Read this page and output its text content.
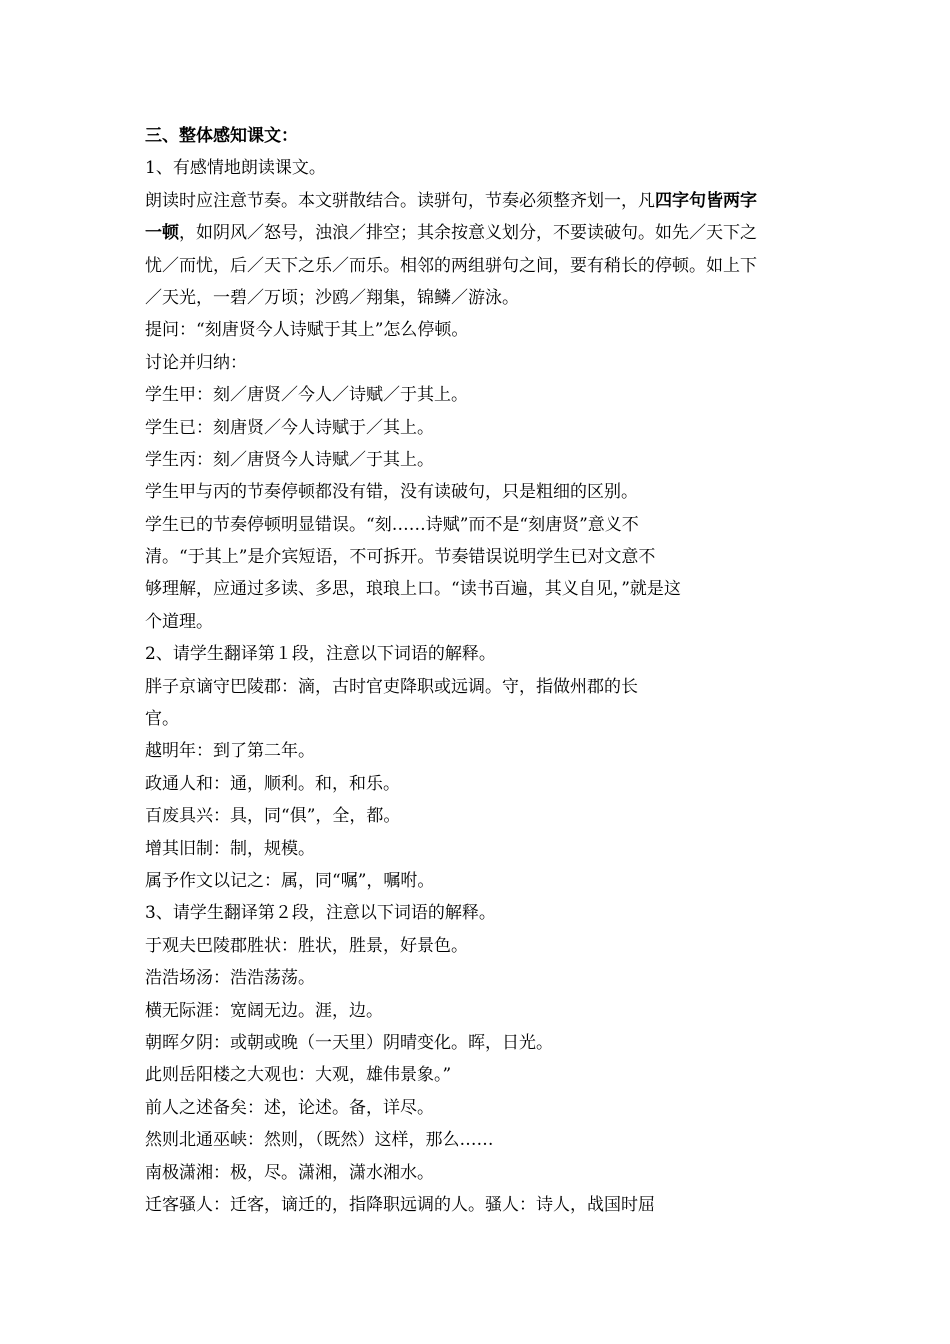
三、整体感知课文：
1、有感情地朗读课文。
朗读时应注意节奏。本文骈散结合。读骈句，节奏必须整齐划一，凡四字句皆两字
一顿，如阴风／怒号，浊浪／排空；其余按意义划分，不要读破句。如先／天下之
忧／而忧，后／天下之乐／而乐。相邻的两组骈句之间，要有稍长的停顿。如上下
／天光，一碧／万顷；沙鸥／翔集，锦鳞／游泳。
提问：“刻唐贤今人诗赋于其上”怎么停顿。
讨论并归纳：
学生甲：刻／唐贤／今人／诗赋／于其上。
学生已：刻唐贤／今人诗赋于／其上。
学生丙：刻／唐贤今人诗赋／于其上。
学生甲与丙的节奏停顿都没有错，没有读破句，只是粗细的区别。
学生已的节奏停顿明显错误。“刻……诗赋”而不是“刻唐贤”意义不
清。“于其上”是介宾短语，不可拆开。节奏错误说明学生已对文意不
够理解，应通过多读、多思，琅琅上口。“读书百遍，其义自见，”就是这
个道理。
2、请学生翻译第１段，注意以下词语的解释。
胖子京谪守巴陵郡：滴，古时官吏降职或远调。守，指做州郡的长
官。
越明年：到了第二年。
政通人和：通，顺利。和，和乐。
百废具兴：具，同“俱”，全，都。
增其旧制：制，规模。
属予作文以记之：属，同“嘱”，嘱咐。
3、请学生翻译第２段，注意以下词语的解释。
于观夫巴陵郡胜状：胜状，胜景，好景色。
浩浩场汤：浩浩荡荡。
横无际涯：宽阔无边。涯，边。
朝晖夕阴：或朝或晚（一天里）阴晴变化。晖，日光。
此则岳阳楼之大观也：大观，雄伟景象。”
前人之述备矣：述，论述。备，详尽。
然则北通巫峡：然则，（既然）这样，那么……
南极潇湘：极，尽。潇湘，潇水湘水。
迁客骚人：迁客，谪迁的，指降职远调的人。骚人：诗人，战国时屈
